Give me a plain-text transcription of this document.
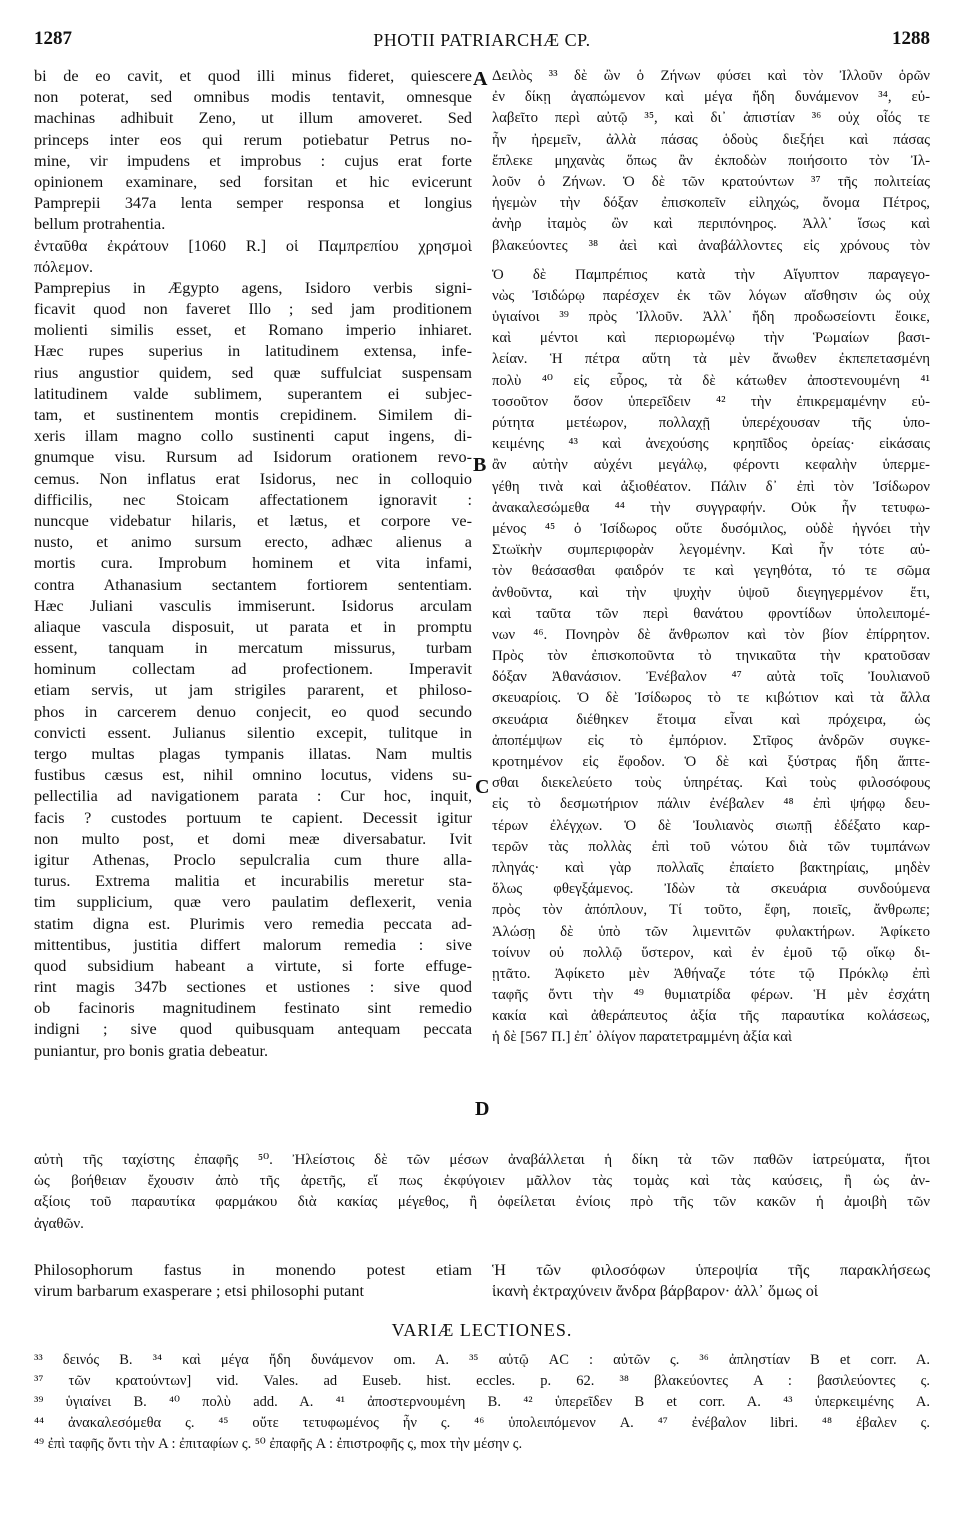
1287	PHOTII PATRIARCHÆ CP.	1288
bi de eo cavit, et quod illi minus fideret, quiescere
non poterat, sed omnibus modis tentavit, omnesque
machinas adhibuit Zeno, ut illum amoveret. Sed
princeps inter eos qui rerum potiebatur Petrus no-
mine, vir impudens et improbus : cujus erat forte
opinionem examinare, sed forsitan et hic evicerunt
Pamprepii 347a lenta semper responsa et longius
bellum protrahentia.
ἐνταῦθα ἐκράτουν [1060 R.] οἱ Παμπρεπίου χρησμοὶ
πόλεμον.
Pamprepius in Ægypto agens, Isidoro verbis signi-
ficavit quod non faveret Illo ; sed jam proditionem
molienti similis esset, et Romano imperio inhiaret.
Hæc rupes superius in latitudinem extensa, infe-
rius angustior quidem, sed quæ suffulciat suspensam
latitudinem valde sublimem, superantem ei subjec-
tam, et sustinentem montis crepidinem. Similem di-
xeris illam magno collo sustinenti caput ingens, di-
gnumque visu. Rursum ad Isidorum orationem revo-
cemus. Non inflatus erat Isidorus, nec in colloquio
difficilis, nec Stoicam affectationem ignoravit :
nuncque videbatur hilaris, et lætus, et corpore ve-
nusto, et animo sursum erecto, adhæc alienus a
mortis cura. Improbum hominem et vita infami,
contra Athanasium sectantem fortiorem sententiam.
Hæc Juliani vasculis immiserunt. Isidorus arculam
aliaque vascula disposuit, ut parata et in promptu
essent, tanquam in mercatum missurus, turbam
hominum collectam ad profectionem. Imperavit
etiam servis, ut jam strigiles pararent, et philoso-
phos in carcerem denuo conjecit, eo quod secundo
convicti essent. Julianus silentio excepit, tulitque in
tergo multas plagas tympanis illatas. Nam multis
fustibus cæsus est, nihil omnino locutus, videns su-
pellectilia ad navigationem parata : Cur hoc, inquit,
facis ? custodes portuum te capient. Decessit igitur
non multo post, et domi meæ diversabatur. Ivit
igitur Athenas, Proclo sepulcralia cum thure alla-
turus. Extrema malitia et incurabilis meretur sta-
tim supplicium, quæ vero paulatim deflexerit, venia
statim digna est. Plurimis vero remedia peccata ad-
mittentibus, justitia differt malorum remedia : sive
quod subsidium habeant a virtute, si forte effuge-
rint magis 347b sectiones et ustiones : sive quod
ob facinoris magnitudinem festinato sint remedio
indigni ; sive quod quibusquam antequam peccata
puniantur, pro bonis gratia debeatur.
Δειλὸς ³³ δὲ ὢν ὁ Ζήνων φύσει καὶ τὸν Ἰλλοῦν ὁρῶν
ἐν δίκῃ ἀγαπώμενον καὶ μέγα ἤδη δυνάμενον ³⁴, εὐ-
λαβεῖτο περὶ αὐτῷ ³⁵, καὶ δι᾿ ἀπιστίαν ³⁶ οὐχ οἷός τε
ἦν ἠρεμεῖν, ἀλλὰ πάσας ὁδοὺς διεξήει καὶ πάσας
ἔπλεκε μηχανὰς ὅπως ἂν ἐκποδὼν ποιήσοιτο τὸν Ἰλ-
λοῦν ὁ Ζήνων. Ὁ δὲ τῶν κρατούντων ³⁷ τῆς πολιτείας
ἡγεμὼν τὴν δόξαν ἐπισκοπεῖν εἰληχώς, ὄνομα Πέτρος,
ἀνὴρ ἰταμὸς ὢν καὶ περιπόνηρος. Ἀλλ᾿ ἴσως καὶ
βλακεύοντες ³⁸ ἀεὶ καὶ ἀναβάλλοντες εἰς χρόνους τὸν
Ὁ δὲ Παμπρέπιος κατὰ τὴν Αἴγυπτον παραγεγο-
νὼς Ἰσιδώρῳ παρέσχεν ἐκ τῶν λόγων αἴσθησιν ὡς οὐχ
ὑγιαίνοι ³⁹ πρὸς Ἰλλοῦν. Ἀλλ᾿ ἤδη προδωσείοντι ἔοικε,
καὶ μέντοι καὶ περιορωμένῳ τὴν Ῥωμαίων βασι-
λείαν. Ἡ πέτρα αὕτη τὰ μὲν ἄνωθεν ἐκπεπετασμένη
πολὺ ⁴⁰ εἰς εὖρος, τὰ δὲ κάτωθεν ἀποστενουμένη ⁴¹
τοσοῦτον ὅσον ὑπερεῖδειν ⁴² τὴν ἐπικρεμαμένην εὐ-
ρύτητα μετέωρον, πολλαχῇ ὑπερέχουσαν τῆς ὑπο-
κειμένης ⁴³ καὶ ἀνεχούσης κρηπῖδος ὀρείας· εἰκάσαις
ἂν αὐτὴν αὐχένι μεγάλῳ, φέροντι κεφαλὴν ὑπερμε-
γέθη τινὰ καὶ ἀξιοθέατον. Πάλιν δ᾿ ἐπὶ τὸν Ἰσίδωρον
ἀνακαλεσώμεθα ⁴⁴ τὴν συγγραφήν. Οὐκ ἦν τετυφω-
μένος ⁴⁵ ὁ Ἰσίδωρος οὔτε δυσόμιλος, οὐδὲ ἠγνόει τὴν
Στωϊκὴν συμπεριφορὰν λεγομένην. Καὶ ἦν τότε αὐ-
τὸν θεάσασθαι φαιδρόν τε καὶ γεγηθότα, τό τε σῶμα
ἀνθοῦντα, καὶ τὴν ψυχὴν ὑψοῦ διεγηγερμένον ἔτι,
καὶ ταῦτα τῶν περὶ θανάτου φροντίδων ὑπολειπομέ-
νων ⁴⁶. Πονηρὸν δὲ ἄνθρωπον καὶ τὸν βίον ἐπίρρητον.
Πρὸς τὸν ἐπισκοποῦντα τὸ τηνικαῦτα τὴν κρατοῦσαν
δόξαν Ἀθανάσιον. Ἐνέβαλον ⁴⁷ αὐτὰ τοῖς Ἰουλιανοῦ
σκευαρίοις. Ὁ δὲ Ἰσίδωρος τὸ τε κιβώτιον καὶ τὰ ἄλλα
σκευάρια διέθηκεν ἕτοιμα εἶναι καὶ πρόχειρα, ὡς
ἀποπέμψων εἰς τὸ ἐμπόριον. Στῖφος ἀνδρῶν συγκε-
κροτημένον εἰς ἔφοδον. Ὁ δὲ καὶ ξύστρας ἤδη ἅπτε-
σθαι διεκελεύετο τοὺς ὑπηρέτας. Καὶ τοὺς φιλοσόφους
εἰς τὸ δεσμωτήριον πάλιν ἐνέβαλεν ⁴⁸ ἐπὶ ψήφῳ δευ-
τέρων ἐλέγχων. Ὁ δὲ Ἰουλιανὸς σιωπῇ ἐδέξατο καρ-
τερῶν τὰς πολλὰς ἐπὶ τοῦ νώτου διὰ τῶν τυμπάνων
πληγάς· καὶ γὰρ πολλαῖς ἐπαίετο βακτηρίαις, μηδὲν
ὅλως φθεγξάμενος. Ἰδὼν τὰ σκευάρια συνδούμενα
πρὸς τὸν ἀπόπλουν, Τί τοῦτο, ἔφη, ποιεῖς, ἄνθρωπε;
Ἁλώσῃ δὲ ὑπὸ τῶν λιμενιτῶν φυλακτήρων. Ἀφίκετο
τοίνυν οὐ πολλῷ ὕστερον, καὶ ἐν ἐμοῦ τῷ οἴκῳ δι-
ῃτᾶτο. Ἀφίκετο μὲν Ἀθήναζε τότε τῷ Πρόκλῳ ἐπὶ
ταφῆς ὄντι τὴν ⁴⁹ θυμιατρίδα φέρων. Ἡ μὲν ἐσχάτη
κακία καὶ ἀθεράπευτος ἀξία τῆς παραυτίκα κολάσεως,
ἡ δὲ [567 Π.] ἐπ᾿ ὀλίγον παρατετραμμένη ἀξία καὶ
A
B
C
D
αὐτὴ τῆς ταχίστης ἐπαφῆς ⁵⁰. Ἠλείστοις δὲ τῶν μέσων ἀναβάλλεται ἡ δίκη τὰ τῶν παθῶν ἰατρεύματα, ἤτοι
ὡς βοήθειαν ἔχουσιν ἀπὸ τῆς ἀρετῆς, εἴ πως ἐκφύγοιεν μᾶλλον τὰς τομὰς καὶ τὰς καύσεις, ἢ ὡς ἀν-
αξίοις τοῦ παραυτίκα φαρμάκου διὰ κακίας μέγεθος, ἢ ὀφείλεται ἐνίοις πρὸ τῆς τῶν κακῶν ἡ ἀμοιβὴ τῶν
ἀγαθῶν.
Philosophorum fastus in monendo potest etiam
virum barbarum exasperare ; etsi philosophi putant
Ἡ τῶν φιλοσόφων ὑπεροψία τῆς παρακλήσεως
ἱκανὴ ἐκτραχύνειν ἄνδρα βάρβαρον· ἀλλ᾿ ὅμως οἱ
VARIÆ LECTIONES.
³³ δεινός B. ³⁴ καὶ μέγα ἤδη δυνάμενον om. A. ³⁵ αὐτῷ AC : αὐτῶν ς. ³⁶ ἀπληστίαν B et corr. A.
³⁷ τῶν κρατούντων] vid. Vales. ad Euseb. hist. eccles. p. 62. ³⁸ βλακεύοντες A : βασιλεύοντες ς.
³⁹ ὑγιαίνει B. ⁴⁰ πολὺ add. A. ⁴¹ ἀποστερνουμένη B. ⁴² ὑπερεῖδεν B et corr. A. ⁴³ ὑπερκειμένης A.
⁴⁴ ἀνακαλεσόμεθα ς. ⁴⁵ οὔτε τετυφωμένος ἦν ς. ⁴⁶ ὑπολειπόμενον A. ⁴⁷ ἐνέβαλον libri. ⁴⁸ ἐβαλεν ς.
⁴⁹ ἐπὶ ταφῆς ὄντι τὴν A : ἐπιταφίων ς. ⁵⁰ ἐπαφῆς A : ἐπιστροφῆς ς, mox τὴν μέσην ς.
